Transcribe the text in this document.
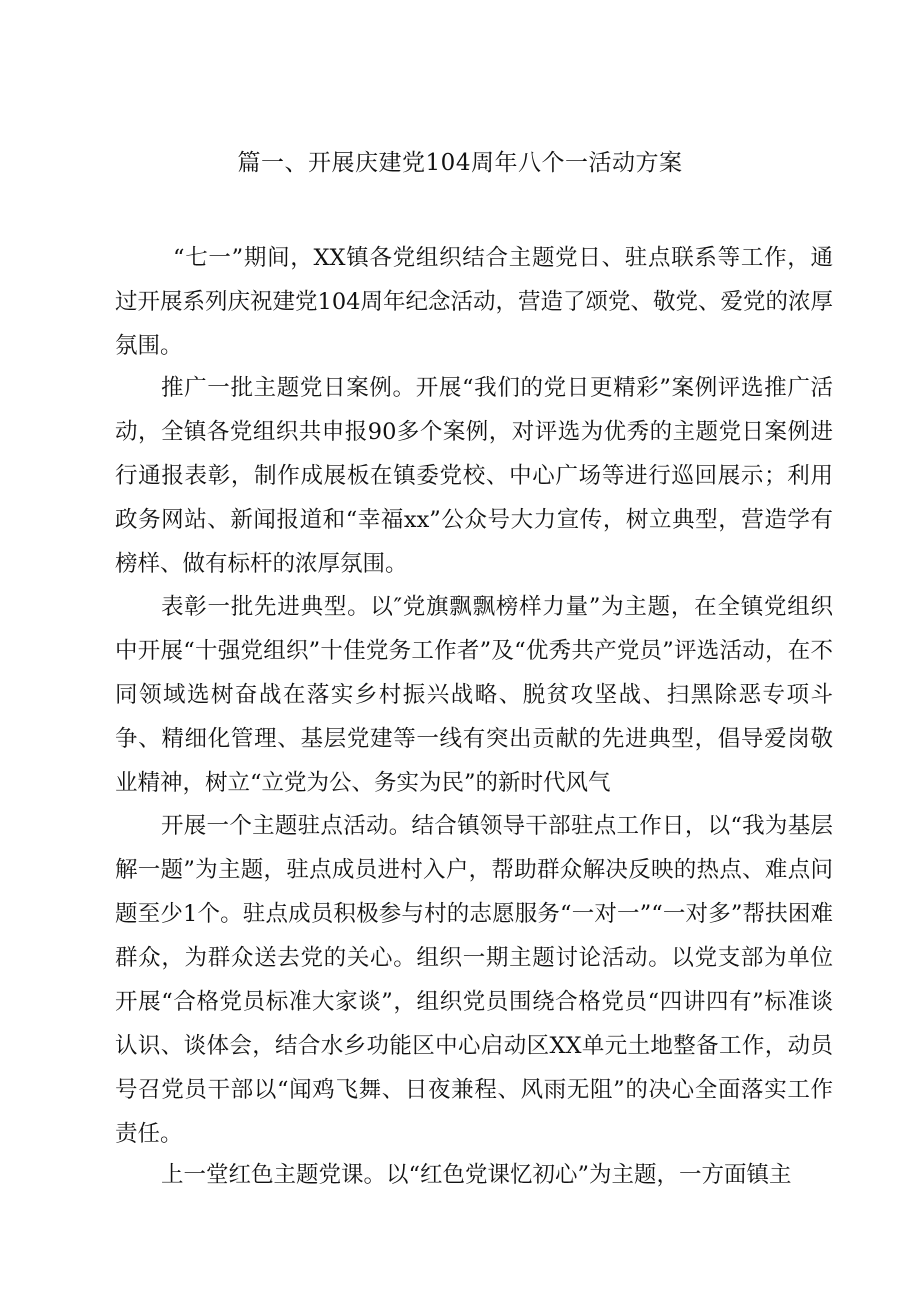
篇一、开展庆建党104周年八个一活动方案

“七一”期间，XX镇各党组织结合主题党日、驻点联系等工作，通过开展系列庆祝建党104周年纪念活动，营造了颂党、敬党、爱党的浓厚氛围。

推广一批主题党日案例。开展“我们的党日更精彩”案例评选推广活动，全镇各党组织共申报90多个案例，对评选为优秀的主题党日案例进行通报表彰，制作成展板在镇委党校、中心广场等进行巡回展示；利用政务网站、新闻报道和“幸福xx”公众号大力宣传，树立典型，营造学有榜样、做有标杆的浓厚氛围。

表彰一批先进典型。以″党旗飘飘榜样力量”为主题，在全镇党组织中开展“十强党组织”十佳党务工作者”及“优秀共产党员”评选活动，在不同领域选树奋战在落实乡村振兴战略、脱贫攻坚战、扫黑除恶专项斗争、精细化管理、基层党建等一线有突出贡献的先进典型，倡导爱岗敬业精神，树立“立党为公、务实为民”的新时代风气

开展一个主题驻点活动。结合镇领导干部驻点工作日，以“我为基层解一题”为主题，驻点成员进村入户，帮助群众解决反映的热点、难点问题至少1个。驻点成员积极参与村的志愿服务“一对一”“一对多”帮扶困难群众，为群众送去党的关心。组织一期主题讨论活动。以党支部为单位开展“合格党员标准大家谈”，组织党员围绕合格党员“四讲四有”标准谈认识、谈体会，结合水乡功能区中心启动区XX单元土地整备工作，动员号召党员干部以“闻鸡飞舞、日夜兼程、风雨无阻”的决心全面落实工作责任。

上一堂红色主题党课。以“红色党课忆初心”为主题，一方面镇主
